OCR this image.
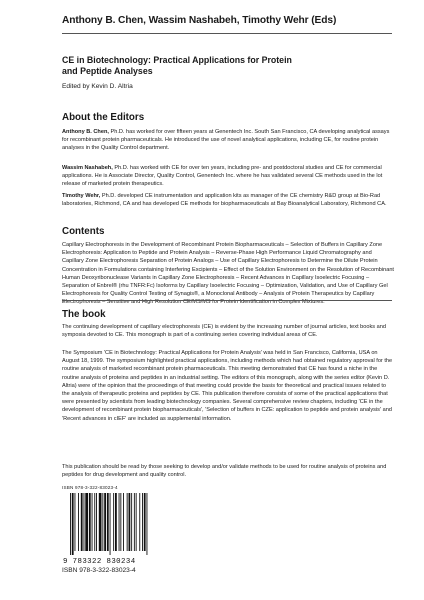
Anthony B. Chen, Wassim Nashabeh, Timothy Wehr (Eds)
CE in Biotechnology: Practical Applications for Protein
and Peptide Analyses
Edited by Kevin D. Altria
About the Editors

Anthony B. Chen, Ph.D. has worked for over fifteen years at Genentech Inc. South San Francisco, CA developing analytical assays for recombinant protein pharmaceuticals. He introduced the use of novel analytical applications, including CE, for routine protein analyses in the Quality Control department.

Wassim Nashabeh, Ph.D. has worked with CE for over ten years, including pre- and postdoctoral studies and CE for commercial applications. He is Associate Director, Quality Control, Genentech Inc. where he has validated several CE methods used in the lot release of marketed protein therapeutics.

Timothy Wehr, Ph.D. developed CE instrumentation and application kits as manager of the CE chemistry R&D group at Bio-Rad laboratories, Richmond, CA and has developed CE methods for biopharmaceuticals at Bay Bioanalytical Laboratory, Richmond CA.

Contents

Capillary Electrophoresis in the Development of Recombinant Protein Biopharmaceuticals – Selection of Buffers in Capillary Zone Electrophoresis: Application to Peptide and Protein Analysis – Reverse-Phase High Performance Liquid Chromatography and Capillary Zone Electrophoresis Separation of Protein Analogs – Use of Capillary Electrophoresis to Determine the Dilute Protein Concentration in Formulations containing Interfering Excipients – Effect of the Solution Environment on the Resolution of Recombinant Human Deoxyribonuclease Variants in Capillary Zone Electrophoresis – Recent Advances in Capillary Isoelectric Focusing – Separation of Enbrel® (rhu TNFR:Fc) Isoforms by Capillary Isoelectric Focusing – Optimization, Validation, and Use of Capillary Gel Electrophoresis for Quality Control Testing of Synagis®, a Monoclonal Antibody – Analysis of Protein Therapeutics by Capillary Electrophoresis – Sensitive and High Resolution CE/MS/MS for Protein Identification in Complex Mixtures.

The book

The continuing development of capillary electrophoresis (CE) is evident by the increasing number of journal articles, text books and symposia devoted to CE. This monograph is part of a continuing series covering individual areas of CE.

The Symposium 'CE in Biotechnology: Practical Applications for Protein Analysis' was held in San Francisco, California, USA on August 18, 1999. The symposium highlighted practical applications, including methods which had obtained regulatory approval for the routine analysis of marketed recombinant protein pharmaceuticals. This meeting demonstrated that CE has found a niche in the routine analysis of proteins and peptides in an industrial setting. The editors of this monograph, along with the series editor (Kevin D. Altria) were of the opinion that the proceedings of that meeting could provide the basis for theoretical and practical issues related to the analysis of therapeutic proteins and peptides by CE. This publication therefore consists of some of the practical applications that were presented by scientists from leading biotechnology companies. Several comprehensive review chapters, including 'CE in the development of recombinant protein biopharmaceuticals', 'Selection of buffers in CZE: application to peptide and protein analysis' and 'Recent advances in cIEF' are included as supplemental information.

This publication should be read by those seeking to develop and/or validate methods to be used for routine analysis of proteins and peptides for drug development and quality control.

ISBN 978-3-322-83023-4
9 783322 830234
ISBN 978-3-322-83023-4
